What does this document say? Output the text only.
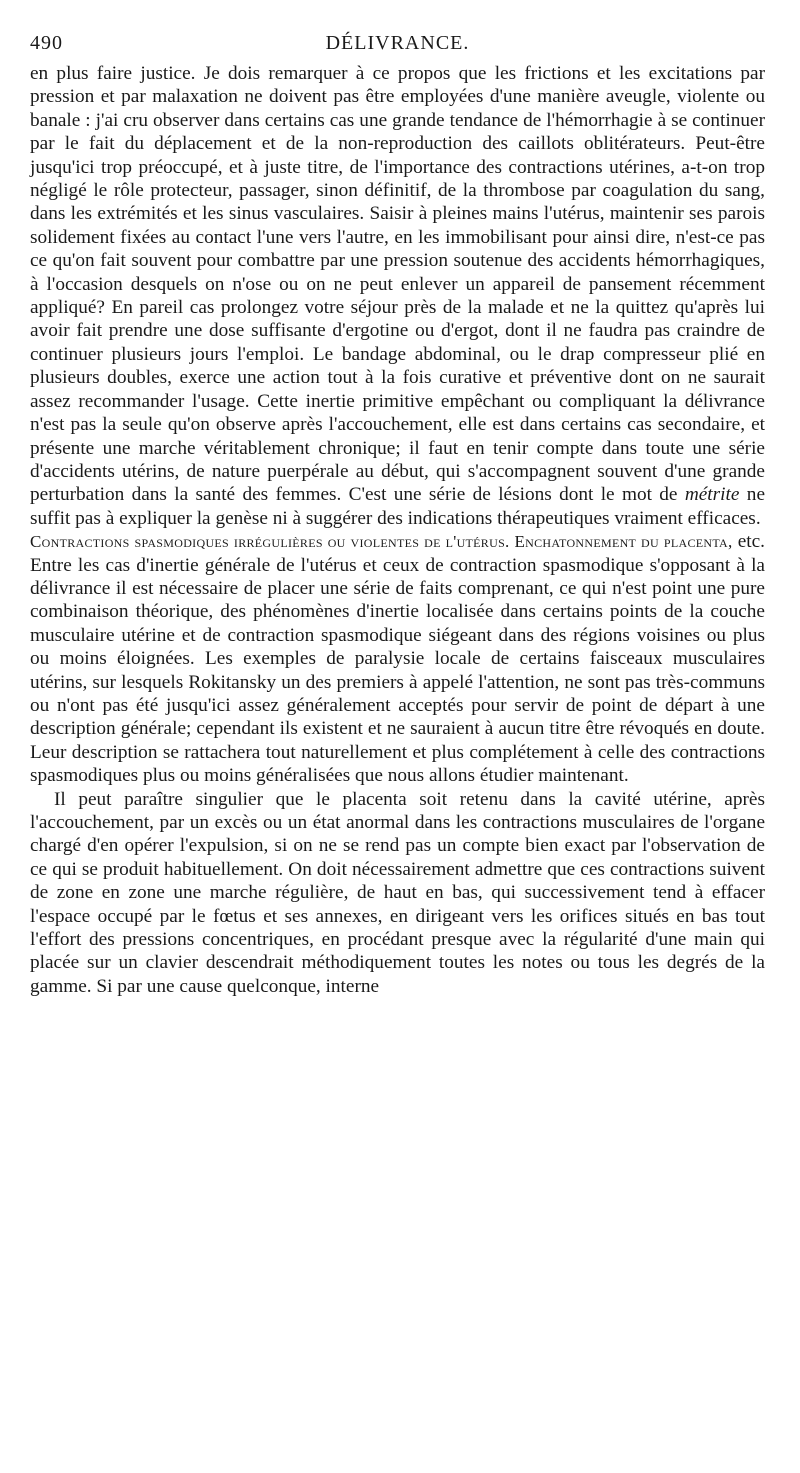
490	DÉLIVRANCE.

en plus faire justice. Je dois remarquer à ce propos que les frictions et les excitations par pression et par malaxation ne doivent pas être employées d'une manière aveugle, violente ou banale : j'ai cru observer dans certains cas une grande tendance de l'hémorrhagie à se continuer par le fait du déplacement et de la non-reproduction des caillots oblitérateurs. Peut-être jusqu'ici trop préoccupé, et à juste titre, de l'importance des contractions utérines, a-t-on trop négligé le rôle protecteur, passager, sinon définitif, de la thrombose par coagulation du sang, dans les extrémités et les sinus vasculaires. Saisir à pleines mains l'utérus, maintenir ses parois solidement fixées au contact l'une vers l'autre, en les immobilisant pour ainsi dire, n'est-ce pas ce qu'on fait souvent pour combattre par une pression soutenue des accidents hémorrhagiques, à l'occasion desquels on n'ose ou on ne peut enlever un appareil de pansement récemment appliqué? En pareil cas prolongez votre séjour près de la malade et ne la quittez qu'après lui avoir fait prendre une dose suffisante d'ergotine ou d'ergot, dont il ne faudra pas craindre de continuer plusieurs jours l'emploi. Le bandage abdominal, ou le drap compresseur plié en plusieurs doubles, exerce une action tout à la fois curative et préventive dont on ne saurait assez recommander l'usage. Cette inertie primitive empêchant ou compliquant la délivrance n'est pas la seule qu'on observe après l'accouchement, elle est dans certains cas secondaire, et présente une marche véritablement chronique; il faut en tenir compte dans toute une série d'accidents utérins, de nature puerpérale au début, qui s'accompagnent souvent d'une grande perturbation dans la santé des femmes. C'est une série de lésions dont le mot de métrite ne suffit pas à expliquer la genèse ni à suggérer des indications thérapeutiques vraiment efficaces.

Contractions spasmodiques irrégulières ou violentes de l'utérus. Enchatonnement du placenta, etc. Entre les cas d'inertie générale de l'utérus et ceux de contraction spasmodique s'opposant à la délivrance il est nécessaire de placer une série de faits comprenant, ce qui n'est point une pure combinaison théorique, des phénomènes d'inertie localisée dans certains points de la couche musculaire utérine et de contraction spasmodique siégeant dans des régions voisines ou plus ou moins éloignées. Les exemples de paralysie locale de certains faisceaux musculaires utérins, sur lesquels Rokitansky un des premiers à appelé l'attention, ne sont pas très-communs ou n'ont pas été jusqu'ici assez généralement acceptés pour servir de point de départ à une description générale; cependant ils existent et ne sauraient à aucun titre être révoqués en doute. Leur description se rattachera tout naturellement et plus complétement à celle des contractions spasmodiques plus ou moins généralisées que nous allons étudier maintenant.

Il peut paraître singulier que le placenta soit retenu dans la cavité utérine, après l'accouchement, par un excès ou un état anormal dans les contractions musculaires de l'organe chargé d'en opérer l'expulsion, si on ne se rend pas un compte bien exact par l'observation de ce qui se produit habituellement. On doit nécessairement admettre que ces contractions suivent de zone en zone une marche régulière, de haut en bas, qui successivement tend à effacer l'espace occupé par le fœtus et ses annexes, en dirigeant vers les orifices situés en bas tout l'effort des pressions concentriques, en procédant presque avec la régularité d'une main qui placée sur un clavier descendrait méthodiquement toutes les notes ou tous les degrés de la gamme. Si par une cause quelconque, interne
